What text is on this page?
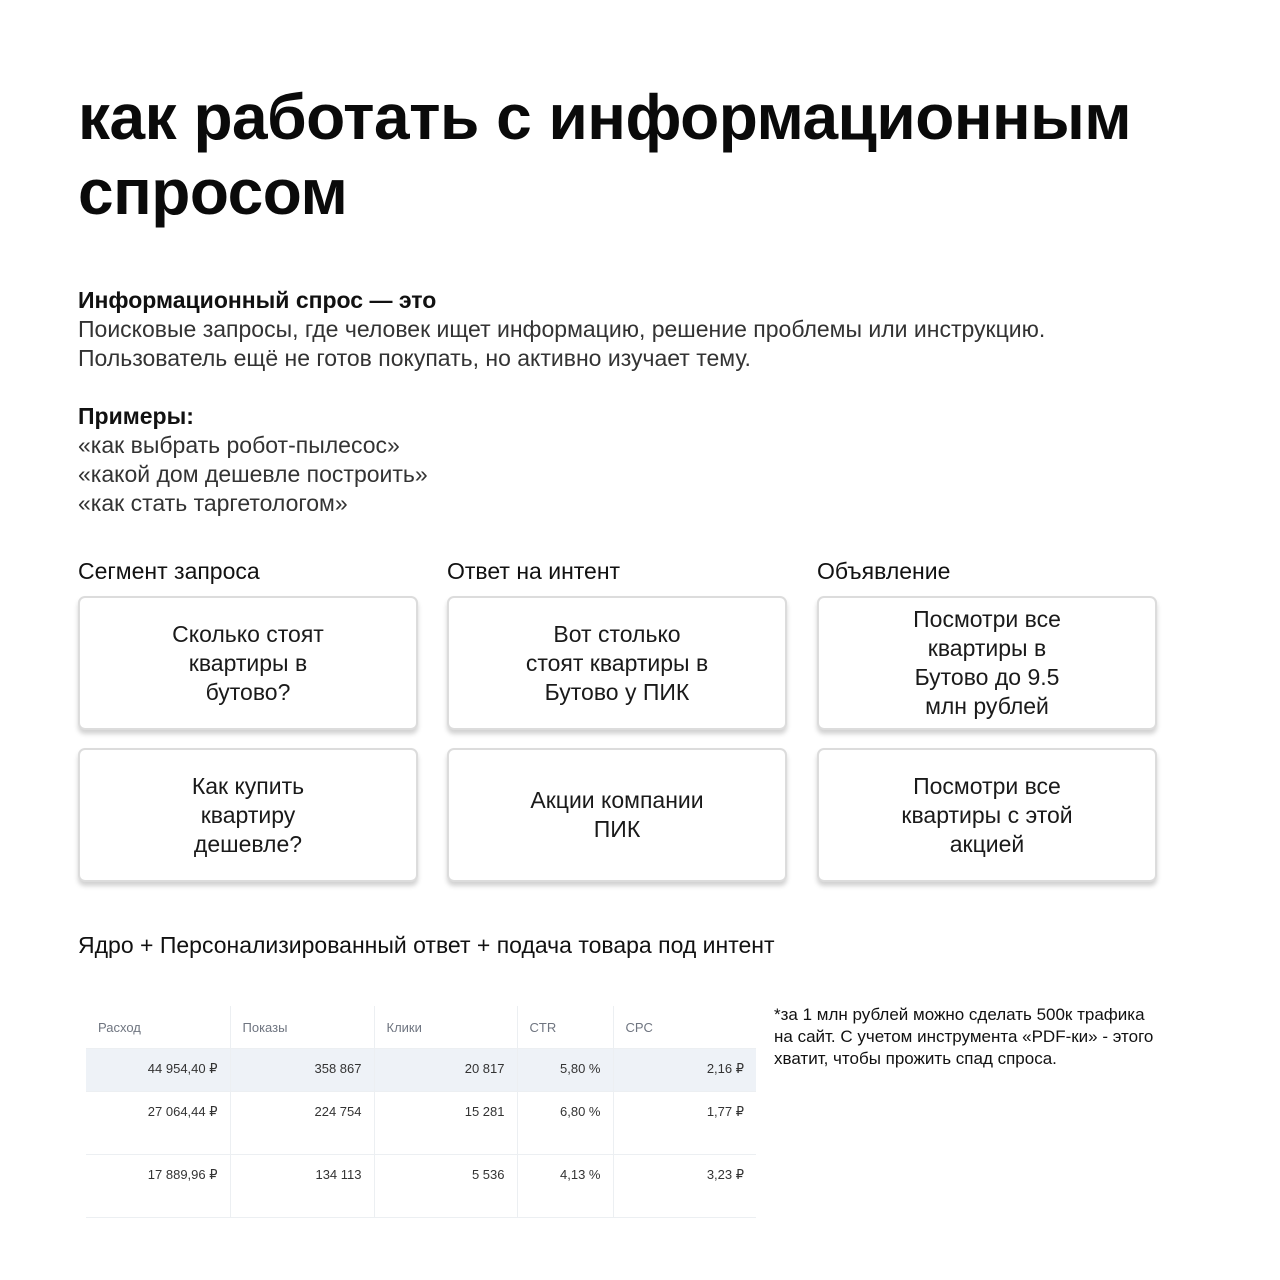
как работать с информационным спросом
Информационный спрос — это
Поисковые запросы, где человек ищет информацию, решение проблемы или инструкцию.
Пользователь ещё не готов покупать, но активно изучает тему.
Примеры:
«как выбрать робот-пылесос»
«какой дом дешевле построить»
«как стать таргетологом»
Сегмент запроса	Ответ на интент	Объявление
Сколько стоят
квартиры в
бутово?
Вот столько
стоят квартиры в
Бутово у ПИК
Посмотри все
квартиры в
Бутово до 9.5
млн рублей
Как купить
квартиру
дешевле?
Акции компании
ПИК
Посмотри все
квартиры с этой
акцией
Ядро + Персонализированный ответ + подача товара под интент
Расход	Показы	Клики	CTR	CPC
44 954,40 ₽	358 867	20 817	5,80 %	2,16 ₽
27 064,44 ₽	224 754	15 281	6,80 %	1,77 ₽
17 889,96 ₽	134 113	5 536	4,13 %	3,23 ₽
*за 1 млн рублей можно сделать 500к трафика на сайт. С учетом инструмента «PDF-ки» - этого хватит, чтобы прожить спад спроса.
